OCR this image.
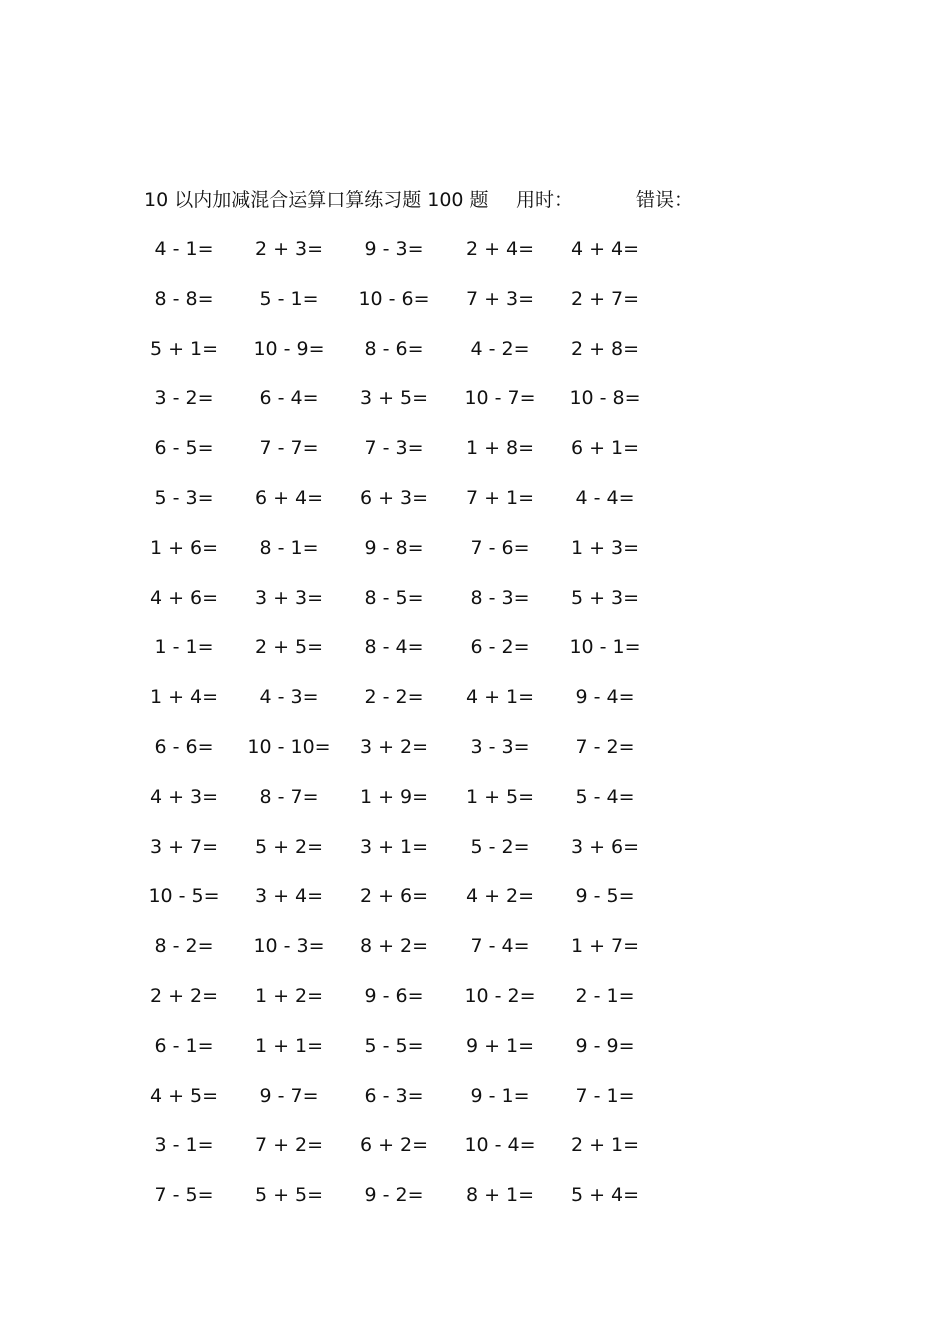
10 以内加减混合运算口算练习题 100 题 用时：	错误：
4 - 1=	2 + 3=	9 - 3=	2 + 4=	4 + 4=
8 - 8=	5 - 1=	10 - 6=	7 + 3=	2 + 7=
5 + 1=	10 - 9=	8 - 6=	4 - 2=	2 + 8=
3 - 2=	6 - 4=	3 + 5=	10 - 7=	10 - 8=
6 - 5=	7 - 7=	7 - 3=	1 + 8=	6 + 1=
5 - 3=	6 + 4=	6 + 3=	7 + 1=	4 - 4=
1 + 6=	8 - 1=	9 - 8=	7 - 6=	1 + 3=
4 + 6=	3 + 3=	8 - 5=	8 - 3=	5 + 3=
1 - 1=	2 + 5=	8 - 4=	6 - 2=	10 - 1=
1 + 4=	4 - 3=	2 - 2=	4 + 1=	9 - 4=
6 - 6=	10 - 10=	3 + 2=	3 - 3=	7 - 2=
4 + 3=	8 - 7=	1 + 9=	1 + 5=	5 - 4=
3 + 7=	5 + 2=	3 + 1=	5 - 2=	3 + 6=
10 - 5=	3 + 4=	2 + 6=	4 + 2=	9 - 5=
8 - 2=	10 - 3=	8 + 2=	7 - 4=	1 + 7=
2 + 2=	1 + 2=	9 - 6=	10 - 2=	2 - 1=
6 - 1=	1 + 1=	5 - 5=	9 + 1=	9 - 9=
4 + 5=	9 - 7=	6 - 3=	9 - 1=	7 - 1=
3 - 1=	7 + 2=	6 + 2=	10 - 4=	2 + 1=
7 - 5=	5 + 5=	9 - 2=	8 + 1=	5 + 4=
